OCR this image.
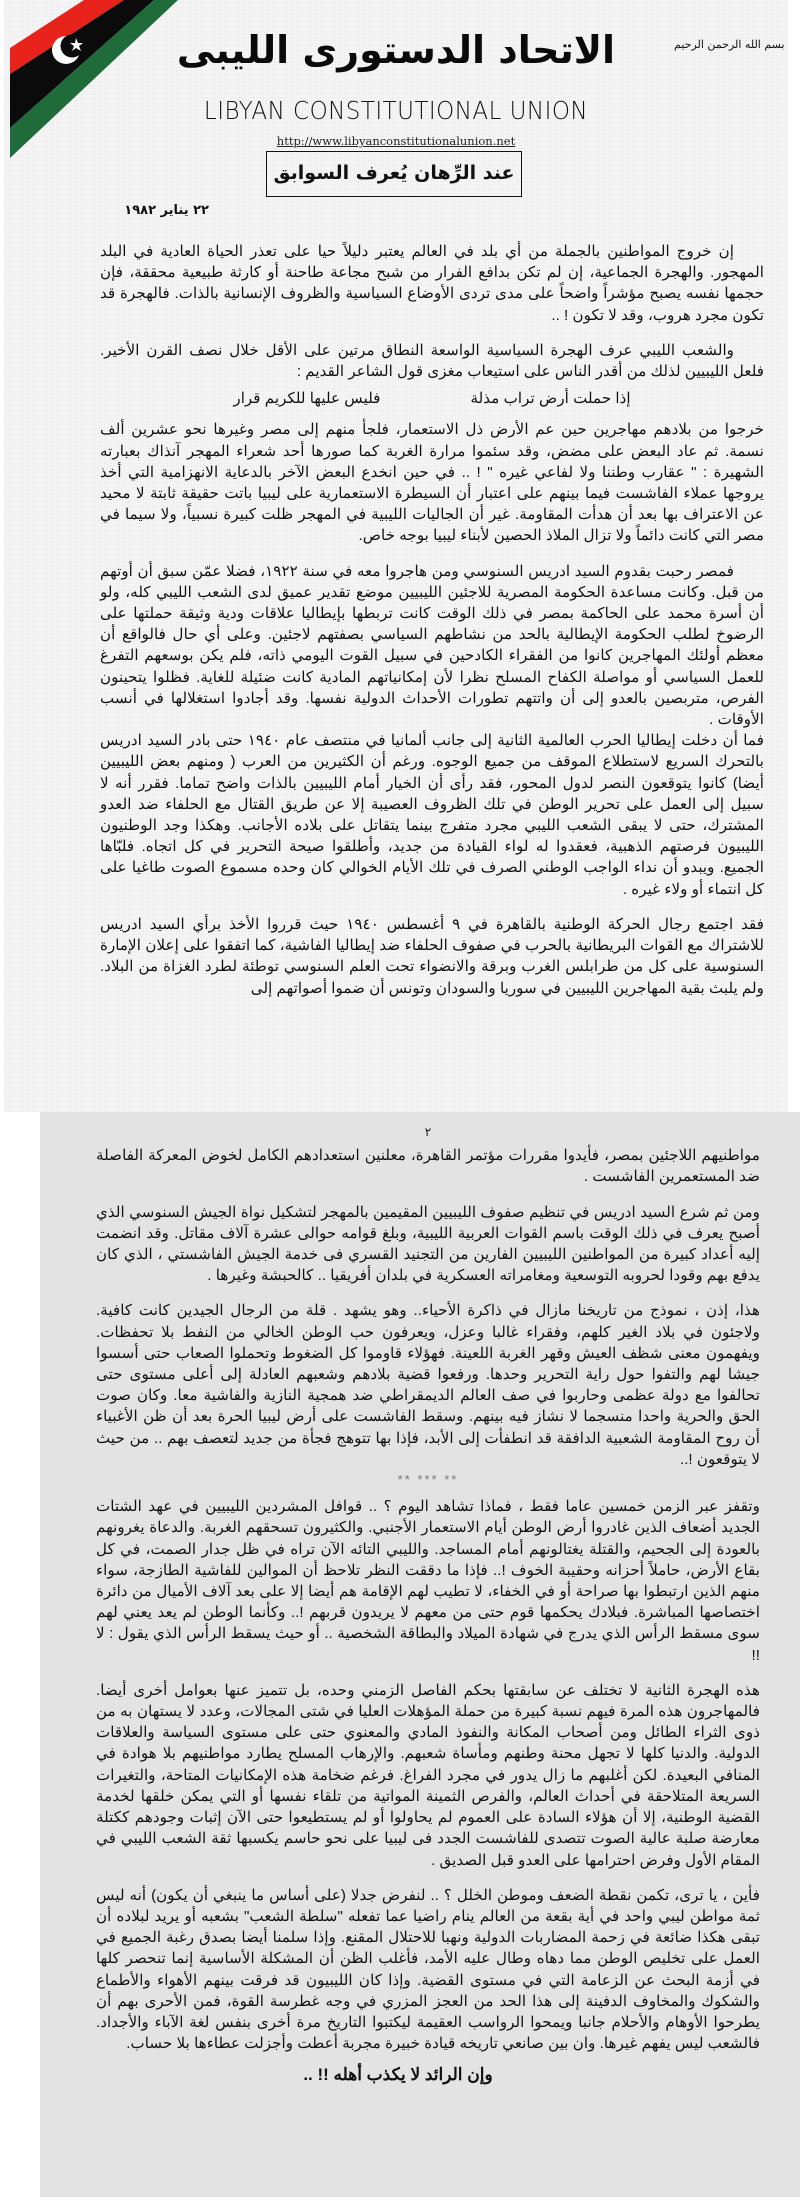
بسم الله الرحمن الرحيم
الاتحاد الدستورى الليبى
LIBYAN CONSTITUTIONAL UNION
http://www.libyanconstitutionalunion.net
عند الرِّهان يُعرف السوابق
٢٢ يناير ١٩٨٢

إن خروج المواطنين بالجملة من أي بلد في العالم يعتبر دليلاً حيا على تعذر الحياة العادية في البلد المهجور. والهجرة الجماعية، إن لم تكن بدافع الفرار من شبح مجاعة طاحنة أو كارثة طبيعية محققة، فإن حجمها نفسه يصبح مؤشراً واضحاً على مدى تردى الأوضاع السياسية والظروف الإنسانية بالذات. فالهجرة قد تكون مجرد هروب، وقد لا تكون ! ..

والشعب الليبي عرف الهجرة السياسية الواسعة النطاق مرتين على الأقل خلال نصف القرن الأخير. فلعل الليبيين لذلك من أقدر الناس على استيعاب مغزى قول الشاعر القديم :

إذا حملت أرض تراب مذلة
فليس عليها للكريم قرار

خرجوا من بلادهم مهاجرين حين عم الأرض ذل الاستعمار، فلجأ منهم إلى مصر وغيرها نحو عشرين ألف نسمة. ثم عاد البعض على مضض، وقد سئموا مرارة الغربة كما صورها أحد شعراء المهجر آنذاك بعبارته الشهيرة : " عقارب وطننا ولا لفاعي غيره " ! .. في حين انخدع البعض الآخر بالدعاية الانهزامية التي أخذ يروجها عملاء الفاشست فيما بينهم على اعتبار أن السيطرة الاستعمارية على ليبيا باتت حقيقة ثابتة لا محيد عن الاعتراف بها بعد أن هدأت المقاومة. غير أن الجاليات الليبية في المهجر ظلت كبيرة نسبياً، ولا سيما في مصر التي كانت دائماً ولا تزال الملاذ الحصين لأبناء ليبيا بوجه خاص.

فمصر رحبت بقدوم السيد ادريس السنوسي ومن هاجروا معه في سنة ١٩٢٢، فضلا عمّن سبق أن أوتهم من قبل. وكانت مساعدة الحكومة المصرية للاجئين الليبيين موضع تقدير عميق لدى الشعب الليبي كله، ولو أن أسرة محمد على الحاكمة بمصر في ذلك الوقت كانت تربطها بإيطاليا علاقات ودية وثيقة حملتها على الرضوخ لطلب الحكومة الإيطالية بالحد من نشاطهم السياسي بصفتهم لاجئين. وعلى أي حال فالواقع أن معظم أولئك المهاجرين كانوا من الفقراء الكادحين في سبيل القوت اليومي ذاته، فلم يكن بوسعهم التفرغ للعمل السياسي أو مواصلة الكفاح المسلح نظرا لأن إمكانياتهم المادية كانت ضئيلة للغاية. فظلوا يتحينون الفرص، متربصين بالعدو إلى أن واتتهم تطورات الأحداث الدولية نفسها. وقد أجادوا استغلالها في أنسب الأوقات .

فما أن دخلت إيطاليا الحرب العالمية الثانية إلى جانب ألمانيا في منتصف عام ١٩٤٠ حتى بادر السيد ادريس بالتحرك السريع لاستطلاع الموقف من جميع الوجوه. ورغم أن الكثيرين من العرب ( ومنهم بعض الليبيين أيضا) كانوا يتوقعون النصر لدول المحور، فقد رأى أن الخيار أمام الليبيين بالذات واضح تماما. فقرر أنه لا سبيل إلى العمل على تحرير الوطن في تلك الظروف العصيبة إلا عن طريق القتال مع الحلفاء ضد العدو المشترك، حتى لا يبقى الشعب الليبي مجرد متفرج بينما يتقاتل على بلاده الأجانب. وهكذا وجد الوطنيون الليبيون فرصتهم الذهبية، فعقدوا له لواء القيادة من جديد، وأطلقوا صيحة التحرير في كل اتجاه. فلبّاها الجميع. ويبدو أن نداء الواجب الوطني الصرف في تلك الأيام الخوالي كان وحده مسموع الصوت طاغيا على كل انتماء أو ولاء غيره .

فقد اجتمع رجال الحركة الوطنية بالقاهرة في ٩ أغسطس ١٩٤٠ حيث قرروا الأخذ برأي السيد ادريس للاشتراك مع القوات البريطانية بالحرب في صفوف الحلفاء ضد إيطاليا الفاشية، كما اتفقوا على إعلان الإمارة السنوسية على كل من طرابلس الغرب وبرقة والانضواء تحت العلم السنوسي توطئة لطرد الغزاة من البلاد. ولم يلبث بقية المهاجرين الليبيين في سوريا والسودان وتونس أن ضموا أصواتهم إلى

٢

مواطنيهم اللاجئين بمصر، فأيدوا مقررات مؤتمر القاهرة، معلنين استعدادهم الكامل لخوض المعركة الفاصلة ضد المستعمرين الفاشست .

ومن ثم شرع السيد ادريس في تنظيم صفوف الليبيين المقيمين بالمهجر لتشكيل نواة الجيش السنوسي الذي أصبح يعرف في ذلك الوقت باسم القوات العربية الليبية، وبلغ قوامه حوالى عشرة آلاف مقاتل. وقد انضمت إليه أعداد كبيرة من المواطنين الليبيين الفارين من التجنيد القسري فى خدمة الجيش الفاشستي ، الذي كان يدفع بهم وقودا لحروبه التوسعية ومغامراته العسكرية في بلدان أفريقيا .. كالحبشة وغيرها .

هذا، إذن ، نموذج من تاريخنا مازال في ذاكرة الأحياء.. وهو يشهد . قلة من الرجال الجيدين كانت كافية. ولاجئون في بلاد الغير كلهم، وفقراء غالبا وعزل، ويعرفون حب الوطن الخالي من النفط بلا تحفظات. ويفهمون معنى شظف العيش وقهر الغربة اللعينة. فهؤلاء قاوموا كل الضغوط وتحملوا الصعاب حتى أسسوا جيشا لهم والتفوا حول راية التحرير وحدها. ورفعوا قضية بلادهم وشعبهم العادلة إلى أعلى مستوى حتى تحالفوا مع دولة عظمى وحاربوا في صف العالم الديمقراطي ضد همجية النازية والفاشية معا. وكان صوت الحق والحرية واحدا منسجما لا نشاز فيه بينهم. وسقط الفاشست على أرض ليبيا الحرة بعد أن ظن الأغبياء أن روح المقاومة الشعبية الدافقة قد انطفأت إلى الأبد، فإذا بها تتوهج فجأة من جديد لتعصف بهم .. من حيث لا يتوقعون !..

** *** **

وتقفز عبر الزمن خمسين عاما فقط ، فماذا تشاهد اليوم ؟ .. قوافل المشردين الليبيين في عهد الشتات الجديد أضعاف الذين غادروا أرض الوطن أيام الاستعمار الأجنبي. والكثيرون تسحقهم الغربة. والدعاة يغرونهم بالعودة إلى الجحيم، والقتلة يغتالونهم أمام المساجد. والليبي التائه الآن تراه في ظل جدار الصمت، في كل بقاع الأرض، حاملاً أحزانه وحقيبة الخوف !.. فإذا ما دققت النظر تلاحظ أن الموالين للفاشية الطازجة، سواء منهم الذين ارتبطوا بها صراحة أو في الخفاء، لا تطيب لهم الإقامة هم أيضا إلا على بعد آلاف الأميال من دائرة اختصاصها المباشرة. فبلادك يحكمها قوم حتى من معهم لا يريدون قربهم !.. وكأنما الوطن لم يعد يعني لهم سوى مسقط الرأس الذي يدرج في شهادة الميلاد والبطاقة الشخصية .. أو حيث يسقط الرأس الذي يقول : لا !!

هذه الهجرة الثانية لا تختلف عن سابقتها بحكم الفاصل الزمني وحده، بل تتميز عنها بعوامل أخرى أيضا. فالمهاجرون هذه المرة فيهم نسبة كبيرة من حملة المؤهلات العليا في شتى المجالات، وعدد لا يستهان به من ذوى الثراء الطائل ومن أصحاب المكانة والنفوذ المادي والمعنوي حتى على مستوى السياسة والعلاقات الدولية. والدنيا كلها لا تجهل محنة وطنهم ومأساة شعبهم. والإرهاب المسلح يطارد مواطنيهم بلا هوادة في المنافي البعيدة. لكن أغلبهم ما زال يدور في مجرد الفراغ. فرغم ضخامة هذه الإمكانيات المتاحة، والتغيرات السريعة المتلاحقة في أحداث العالم، والفرص الثمينة المواتية من تلقاء نفسها أو التي يمكن خلقها لخدمة القضية الوطنية، إلا أن هؤلاء السادة على العموم لم يحاولوا أو لم يستطيعوا حتى الآن إثبات وجودهم ككتلة معارضة صلبة عالية الصوت تتصدى للفاشست الجدد فى ليبيا على نحو حاسم يكسبها ثقة الشعب الليبي في المقام الأول وفرض احترامها على العدو قبل الصديق .

فأين ، يا ترى، تكمن نقطة الضعف وموطن الخلل ؟ .. لنفرض جدلا (على أساس ما ينبغي أن يكون) أنه ليس ثمة مواطن ليبي واحد في أية بقعة من العالم ينام راضيا عما تفعله "سلطة الشعب" بشعبه أو يريد لبلاده أن تبقى هكذا ضائعة في زحمة المضاربات الدولية ونهبا للاحتلال المقنع. وإذا سلمنا أيضا بصدق رغبة الجميع في العمل على تخليص الوطن مما دهاه وطال عليه الأمد، فأغلب الظن أن المشكلة الأساسية إنما تنحصر كلها في أزمة البحث عن الزعامة التي في مستوى القضية. وإذا كان الليبيون قد فرقت بينهم الأهواء والأطماع والشكوك والمخاوف الدفينة إلى هذا الحد من العجز المزري في وجه غطرسة القوة، فمن الأحرى بهم أن يطرحوا الأوهام والأحلام جانبا ويمحوا الرواسب العقيمة ليكتبوا التاريخ مرة أخرى بنفس لغة الآباء والأجداد. فالشعب ليس يفهم غيرها. وان بين صانعي تاريخه قيادة خبيرة مجربة أعطت وأجزلت عطاءها بلا حساب.

وإن الرائد لا يكذب أهله !! ..
